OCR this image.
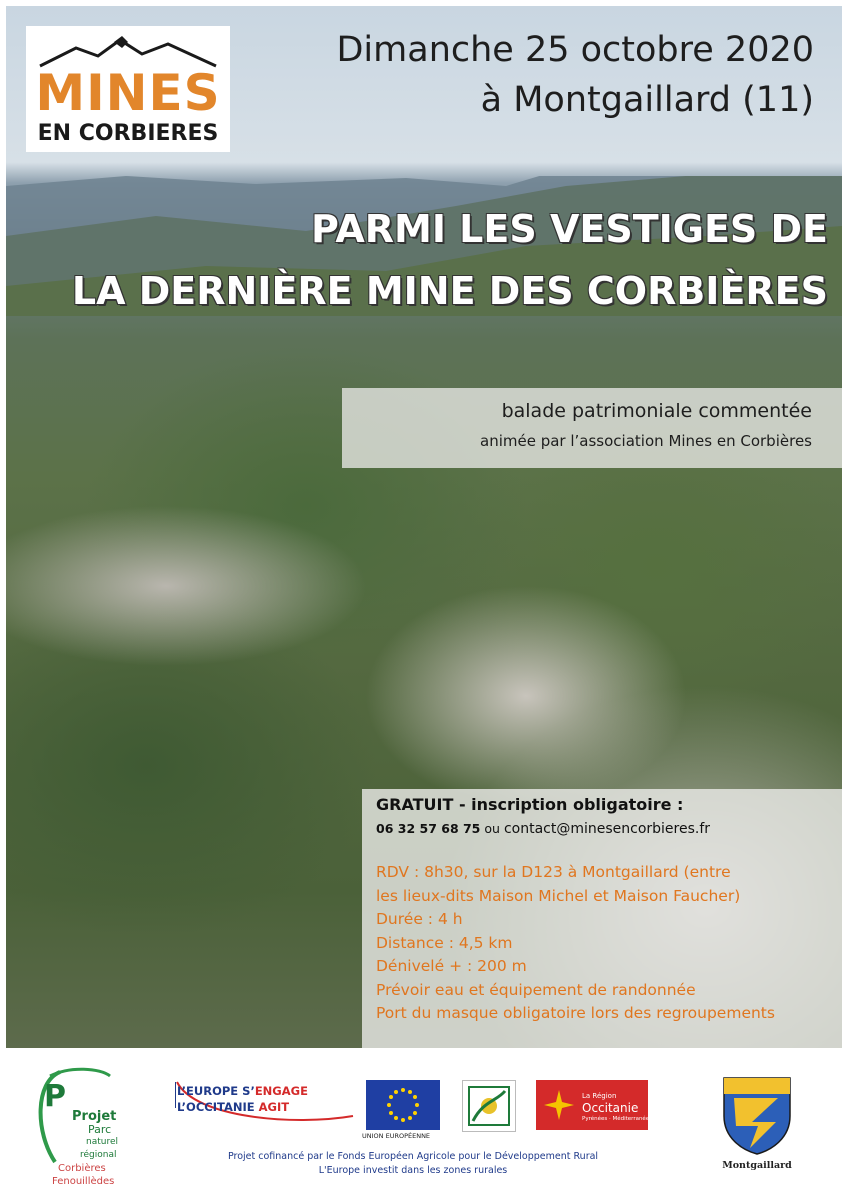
MINES
EN CORBIERES
Dimanche 25 octobre 2020
à Montgaillard (11)
PARMI LES VESTIGES DE
LA DERNIÈRE MINE DES CORBIÈRES
balade patrimoniale commentée
animée par l’association Mines en Corbières
GRATUIT - inscription obligatoire :
06 32 57 68 75 ou contact@minesencorbieres.fr
RDV : 8h30, sur la D123 à Montgaillard (entre
les lieux-dits Maison Michel et Maison Faucher)
Durée : 4 h
Distance : 4,5 km
Dénivelé + : 200 m
Prévoir eau et équipement de randonnée
Port du masque obligatoire lors des regroupements
P
Projet
Parc
naturel
régional
Corbières
Fenouillèdes
L’EUROPE S’ENGAGE
L’OCCITANIE AGIT
UNION EUROPÉENNE
La Région
Occitanie
Pyrénées · Méditerranée
Projet cofinancé par le Fonds Européen Agricole pour le Développement Rural
L'Europe investit dans les zones rurales	Montgaillard
